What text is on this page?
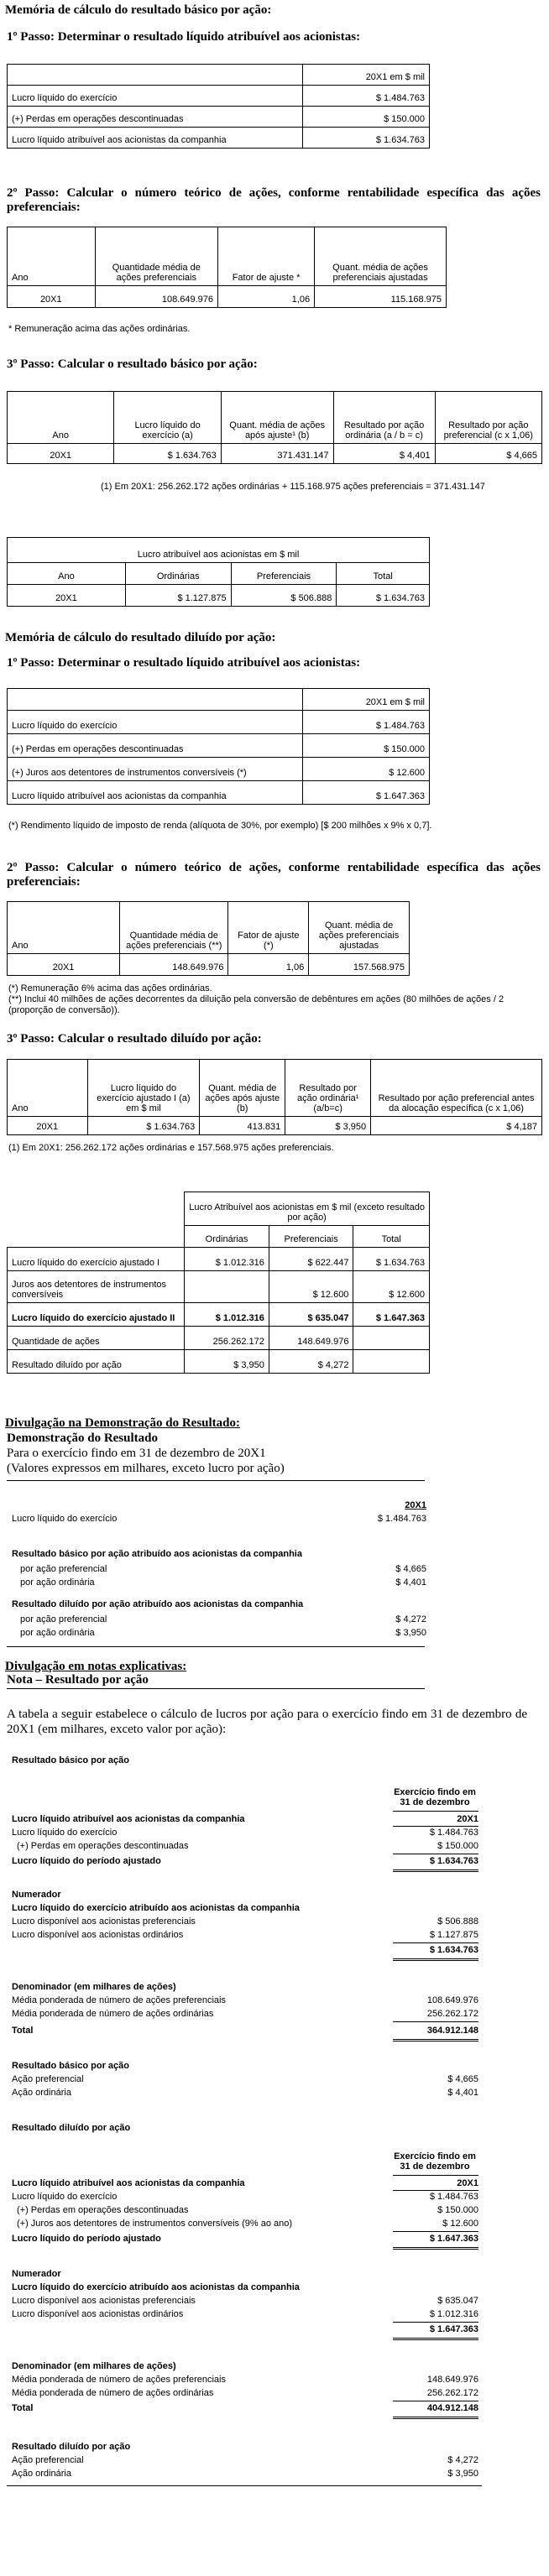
Memória de cálculo do resultado básico por ação:
1º Passo: Determinar o resultado líquido atribuível aos acionistas:
	20X1 em $ mil
Lucro líquido do exercício	$ 1.484.763
(+) Perdas em operações descontinuadas	$ 150.000
Lucro líquido atribuível aos acionistas da companhia	$ 1.634.763
2º Passo: Calcular o número teórico de ações, conforme rentabilidade específica das ações preferenciais:
Ano	Quantidade média de ações preferenciais	Fator de ajuste *	Quant. média de ações preferenciais ajustadas
20X1	108.649.976	1,06	115.168.975
* Remuneração acima das ações ordinárias.
3º Passo: Calcular o resultado básico por ação:
Ano	Lucro líquido do exercício (a)	Quant. média de ações após ajuste¹ (b)	Resultado por ação ordinária (a / b = c)	Resultado por ação preferencial (c x 1,06)
20X1	$ 1.634.763	371.431.147	$ 4,401	$ 4,665
(1) Em 20X1: 256.262.172 ações ordinárias + 115.168.975 ações preferenciais = 371.431.147
Lucro atribuível aos acionistas em $ mil			
Ano	Ordinárias	Preferenciais	Total
20X1	$ 1.127.875	$ 506.888	$ 1.634.763
Memória de cálculo do resultado diluído por ação:
1º Passo: Determinar o resultado líquido atribuível aos acionistas:
	20X1 em $ mil
Lucro líquido do exercício	$ 1.484.763
(+) Perdas em operações descontinuadas	$ 150.000
(+) Juros aos detentores de instrumentos conversíveis (*)	$ 12.600
Lucro líquido atribuível aos acionistas da companhia	$ 1.647.363
(*) Rendimento líquido de imposto de renda (alíquota de 30%, por exemplo) [$ 200 milhões x 9% x 0,7].
2º Passo: Calcular o número teórico de ações, conforme rentabilidade específica das ações preferenciais:
Ano	Quantidade média de ações preferenciais (**)	Fator de ajuste (*)	Quant. média de ações preferenciais ajustadas
20X1	148.649.976	1,06	157.568.975
(*) Remuneração 6% acima das ações ordinárias.
(**) Inclui 40 milhões de ações decorrentes da diluição pela conversão de debêntures em ações (80 milhões de ações / 2 (proporção de conversão)).
3º Passo: Calcular o resultado diluído por ação:
Ano	Lucro líquido do exercício ajustado I (a) em $ mil	Quant. média de ações após ajuste (b)	Resultado por ação ordinária¹ (a/b=c)	Resultado por ação preferencial antes da alocação específica (c x 1,06)
20X1	$ 1.634.763	413.831	$ 3,950	$ 4,187
(1) Em 20X1: 256.262.172 ações ordinárias e 157.568.975 ações preferenciais.
	Lucro Atribuível aos acionistas em $ mil (exceto resultado por ação)		
	Ordinárias	Preferenciais	Total
Lucro líquido do exercício ajustado I	$ 1.012.316	$ 622.447	$ 1.634.763
Juros aos detentores de instrumentos conversíveis		$ 12.600	$ 12.600
Lucro líquido do exercício ajustado II	$ 1.012.316	$ 635.047	$ 1.647.363
Quantidade de ações	256.262.172	148.649.976	
Resultado diluído por ação	$ 3,950	$ 4,272	
Divulgação na Demonstração do Resultado:
Demonstração do Resultado
Para o exercício findo em 31 de dezembro de 20X1
(Valores expressos em milhares, exceto lucro por ação)
20X1
Lucro líquido do exercício	$ 1.484.763
Resultado básico por ação atribuído aos acionistas da companhia
por ação preferencial	$ 4,665
por ação ordinária	$ 4,401
Resultado diluído por ação atribuído aos acionistas da companhia
por ação preferencial	$ 4,272
por ação ordinária	$ 3,950
Divulgação em notas explicativas:
Nota – Resultado por ação
A tabela a seguir estabelece o cálculo de lucros por ação para o exercício findo em 31 de dezembro de 20X1 (em milhares, exceto valor por ação):
Resultado básico por ação
Exercício findo em 31 de dezembro
Lucro líquido atribuível aos acionistas da companhia	20X1
Lucro líquido do exercício	$ 1.484.763
(+) Perdas em operações descontinuadas	$ 150.000
Lucro líquido do período ajustado	$ 1.634.763
Numerador
Lucro líquido do exercício atribuído aos acionistas da companhia
Lucro disponível aos acionistas preferenciais	$ 506.888
Lucro disponível aos acionistas ordinários	$ 1.127.875
$ 1.634.763
Denominador (em milhares de ações)
Média ponderada de número de ações preferenciais	108.649.976
Média ponderada de número de ações ordinárias	256.262.172
Total	364.912.148
Resultado básico por ação
Ação preferencial	$ 4,665
Ação ordinária	$ 4,401
Resultado diluído por ação
Exercício findo em 31 de dezembro
Lucro líquido atribuível aos acionistas da companhia	20X1
Lucro líquido do exercício	$ 1.484.763
(+) Perdas em operações descontinuadas	$ 150.000
(+) Juros aos detentores de instrumentos conversíveis (9% ao ano)	$ 12.600
Lucro líquido do período ajustado	$ 1.647.363
Numerador
Lucro líquido do exercício atribuído aos acionistas da companhia
Lucro disponível aos acionistas preferenciais	$ 635.047
Lucro disponível aos acionistas ordinários	$ 1.012.316
$ 1.647.363
Denominador (em milhares de ações)
Média ponderada de número de ações preferenciais	148.649.976
Média ponderada de número de ações ordinárias	256.262.172
Total	404.912.148
Resultado diluído por ação
Ação preferencial	$ 4,272
Ação ordinária	$ 3,950
